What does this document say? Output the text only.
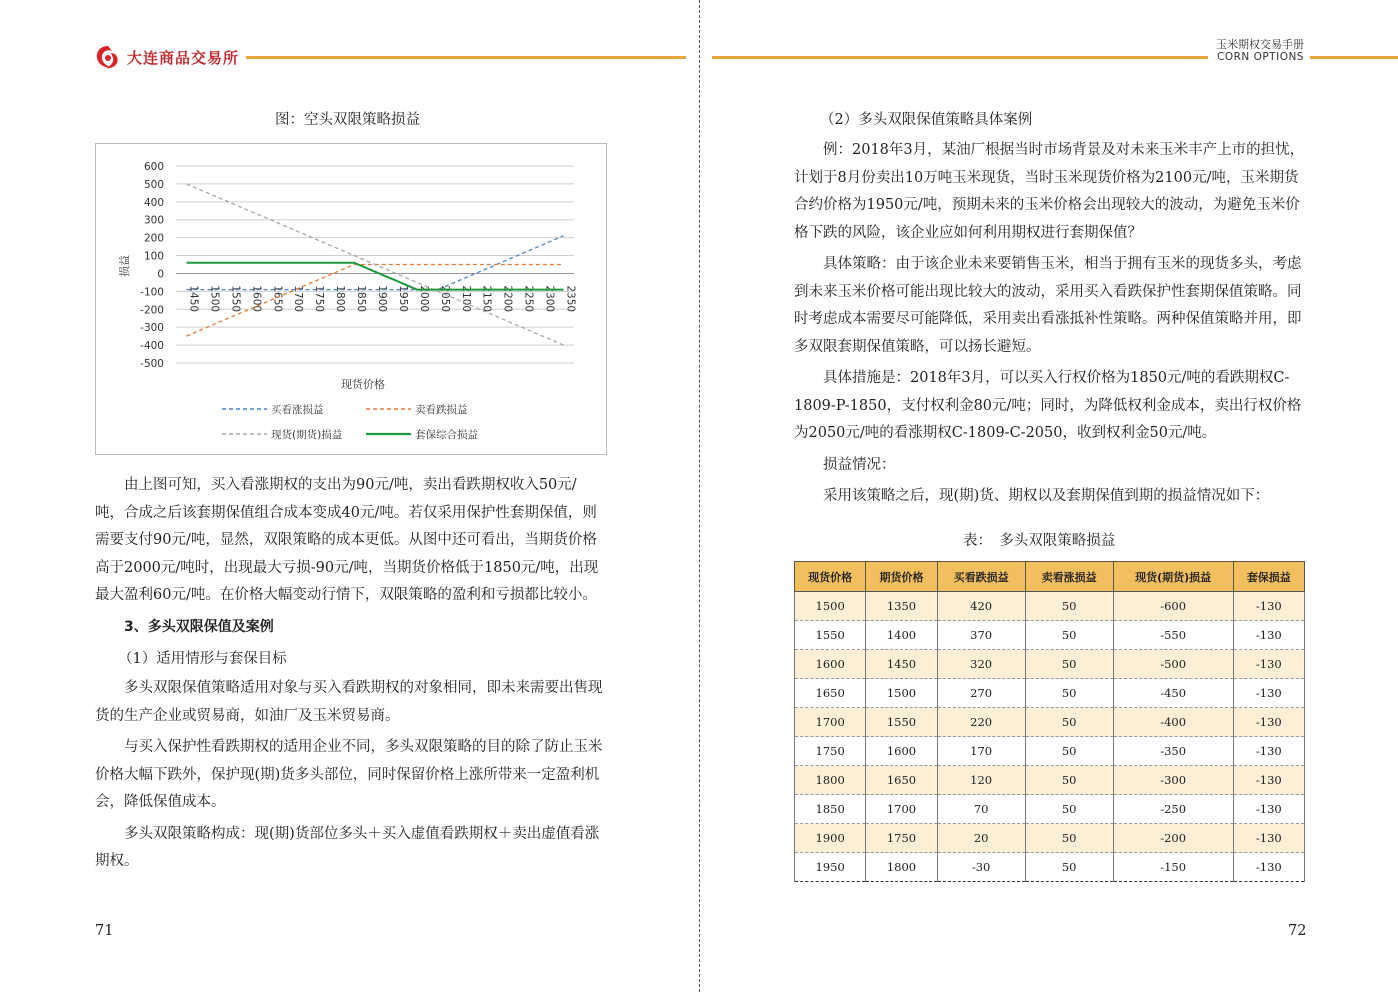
大连商品交易所
玉米期权交易手册
CORN OPTIONS
图：空头双限策略损益
600
500
400
300
200
100
0
-100
-200
-300
-400
-500
1450 1500 1550 1600 1650 1700 1750 1800 1850 1900 1950 2000 2050 2100 2150 2200 2250 2300 2350
损益
现货价格
买看涨损益	卖看跌损益
现货(期货)损益	套保综合损益

由上图可知，买入看涨期权的支出为90元/吨，卖出看跌期权收入50元/吨，合成之后该套期保值组合成本变成40元/吨。若仅采用保护性套期保值，则需要支付90元/吨，显然，双限策略的成本更低。从图中还可看出，当期货价格高于2000元/吨时，出现最大亏损-90元/吨，当期货价格低于1850元/吨，出现最大盈利60元/吨。在价格大幅变动行情下，双限策略的盈利和亏损都比较小。

3、多头双限保值及案例
（1）适用情形与套保目标

多头双限保值策略适用对象与买入看跌期权的对象相同，即未来需要出售现货的生产企业或贸易商，如油厂及玉米贸易商。

与买入保护性看跌期权的适用企业不同，多头双限策略的目的除了防止玉米价格大幅下跌外，保护现(期)货多头部位，同时保留价格上涨所带来一定盈利机会，降低保值成本。

多头双限策略构成：现(期)货部位多头＋买入虚值看跌期权＋卖出虚值看涨期权。

71
（2）多头双限保值策略具体案例

例：2018年3月，某油厂根据当时市场背景及对未来玉米丰产上市的担忧，计划于8月份卖出10万吨玉米现货，当时玉米现货价格为2100元/吨，玉米期货合约价格为1950元/吨，预期未来的玉米价格会出现较大的波动，为避免玉米价格下跌的风险，该企业应如何利用期权进行套期保值？

具体策略：由于该企业未来要销售玉米，相当于拥有玉米的现货多头，考虑到未来玉米价格可能出现比较大的波动，采用买入看跌保护性套期保值策略。同时考虑成本需要尽可能降低，采用卖出看涨抵补性策略。两种保值策略并用，即多双限套期保值策略，可以扬长避短。

具体措施是：2018年3月，可以买入行权价格为1850元/吨的看跌期权C-1809-P-1850，支付权利金80元/吨；同时，为降低权利金成本，卖出行权价格为2050元/吨的看涨期权C-1809-C-2050，收到权利金50元/吨。

损益情况：

采用该策略之后，现(期)货、期权以及套期保值到期的损益情况如下：

表：　多头双限策略损益
现货价格	期货价格	买看跌损益	卖看涨损益	现货(期货)损益	套保损益
1500	1350	420	50	-600	-130
1550	1400	370	50	-550	-130
1600	1450	320	50	-500	-130
1650	1500	270	50	-450	-130
1700	1550	220	50	-400	-130
1750	1600	170	50	-350	-130
1800	1650	120	50	-300	-130
1850	1700	70	50	-250	-130
1900	1750	20	50	-200	-130
1950	1800	-30	50	-150	-130
72
